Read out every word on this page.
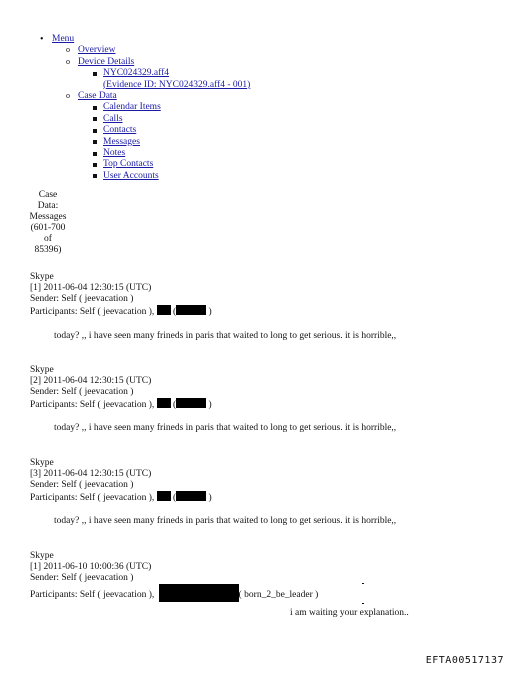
• Menu
o Overview
o Device Details
NYC024329.aff4
(Evidence ID: NYC024329.aff4 - 001)
o Case Data
Calendar Items
Calls
Contacts
Messages
Notes
Top Contacts
User Accounts
Case
Data:
Messages
(601-700
of
85396)
Skype
[1] 2011-06-04 12:30:15 (UTC)
Sender: Self ( jeevacation )
Participants: Self ( jeevacation ), (	)
today? ,, i have seen many frineds in paris that waited to long to get serious. it is horrible,,
Skype
[2] 2011-06-04 12:30:15 (UTC)
Sender: Self ( jeevacation )
Participants: Self ( jeevacation ), (	)
today? ,, i have seen many frineds in paris that waited to long to get serious. it is horrible,,
Skype
[3] 2011-06-04 12:30:15 (UTC)
Sender: Self ( jeevacation )
Participants: Self ( jeevacation ), (	)
today? ,, i have seen many frineds in paris that waited to long to get serious. it is horrible,,
Skype
[1] 2011-06-10 10:00:36 (UTC)
Sender: Self ( jeevacation )
Participants: Self ( jeevacation ),	( born_2_be_leader )
i am waiting your explanation..
EFTA00517137
